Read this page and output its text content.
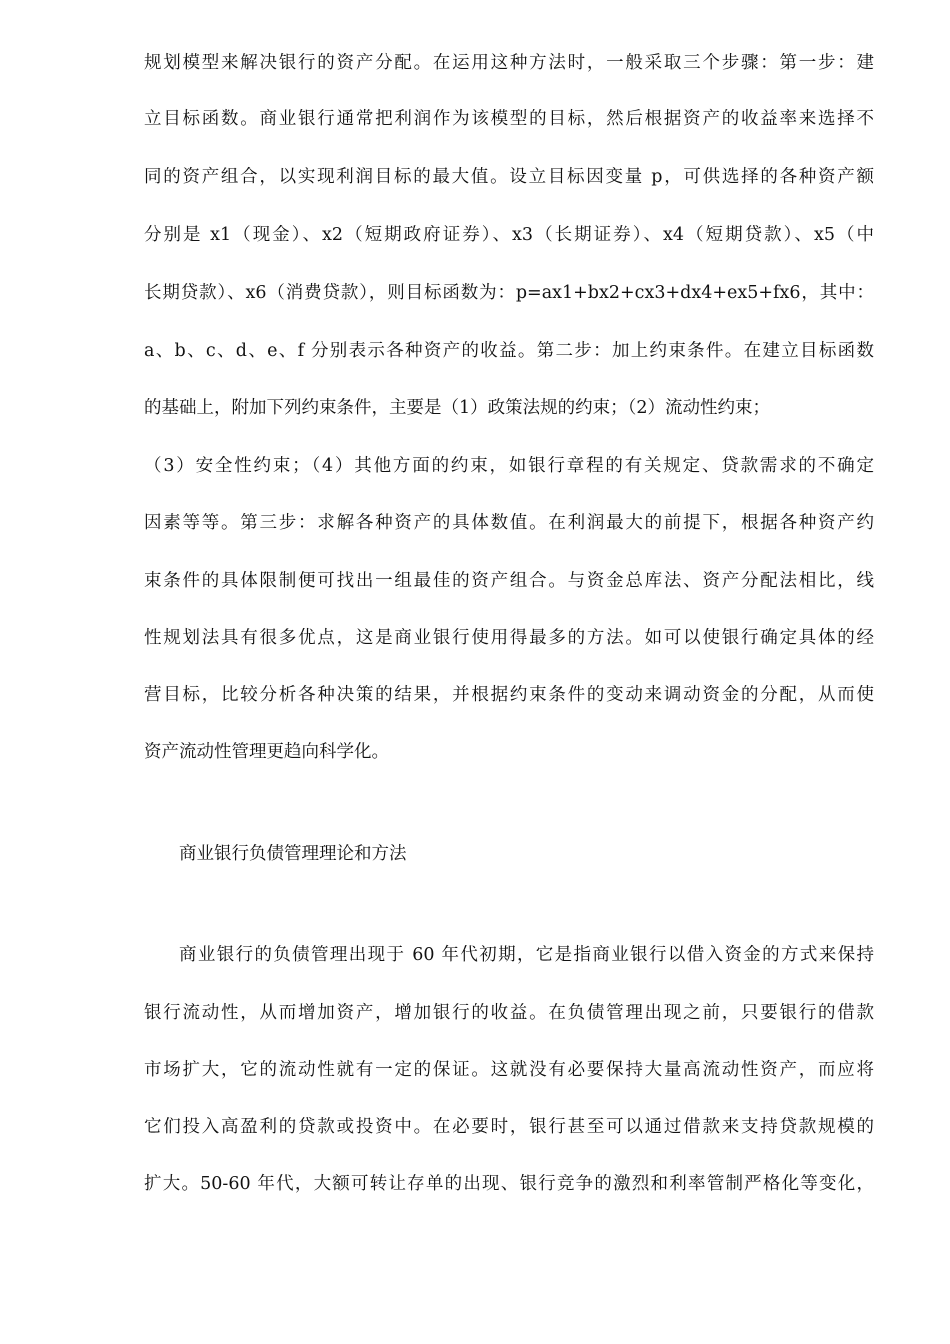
规划模型来解决银行的资产分配。在运用这种方法时，一般采取三个步骤：第一步：建
立目标函数。商业银行通常把利润作为该模型的目标，然后根据资产的收益率来选择不
同的资产组合，以实现利润目标的最大值。设立目标因变量 p，可供选择的各种资产额
分别是 x1（现金）、x2（短期政府证券）、x3（长期证券）、x4（短期贷款）、x5（中
长期贷款）、x6（消费贷款），则目标函数为：p=ax1+bx2+cx3+dx4+ex5+fx6，其中：
a、b、c、d、e、f 分别表示各种资产的收益。第二步：加上约束条件。在建立目标函数
的基础上，附加下列约束条件，主要是（1）政策法规的约束；（2）流动性约束；
（3）安全性约束；（4）其他方面的约束，如银行章程的有关规定、贷款需求的不确定
因素等等。第三步：求解各种资产的具体数值。在利润最大的前提下，根据各种资产约
束条件的具体限制便可找出一组最佳的资产组合。与资金总库法、资产分配法相比，线
性规划法具有很多优点，这是商业银行使用得最多的方法。如可以使银行确定具体的经
营目标，比较分析各种决策的结果，并根据约束条件的变动来调动资金的分配，从而使
资产流动性管理更趋向科学化。
商业银行负债管理理论和方法
商业银行的负债管理出现于 60 年代初期，它是指商业银行以借入资金的方式来保持
银行流动性，从而增加资产，增加银行的收益。在负债管理出现之前，只要银行的借款
市场扩大，它的流动性就有一定的保证。这就没有必要保持大量高流动性资产，而应将
它们投入高盈利的贷款或投资中。在必要时，银行甚至可以通过借款来支持贷款规模的
扩大。50-60 年代，大额可转让存单的出现、银行竞争的激烈和利率管制严格化等变化，
